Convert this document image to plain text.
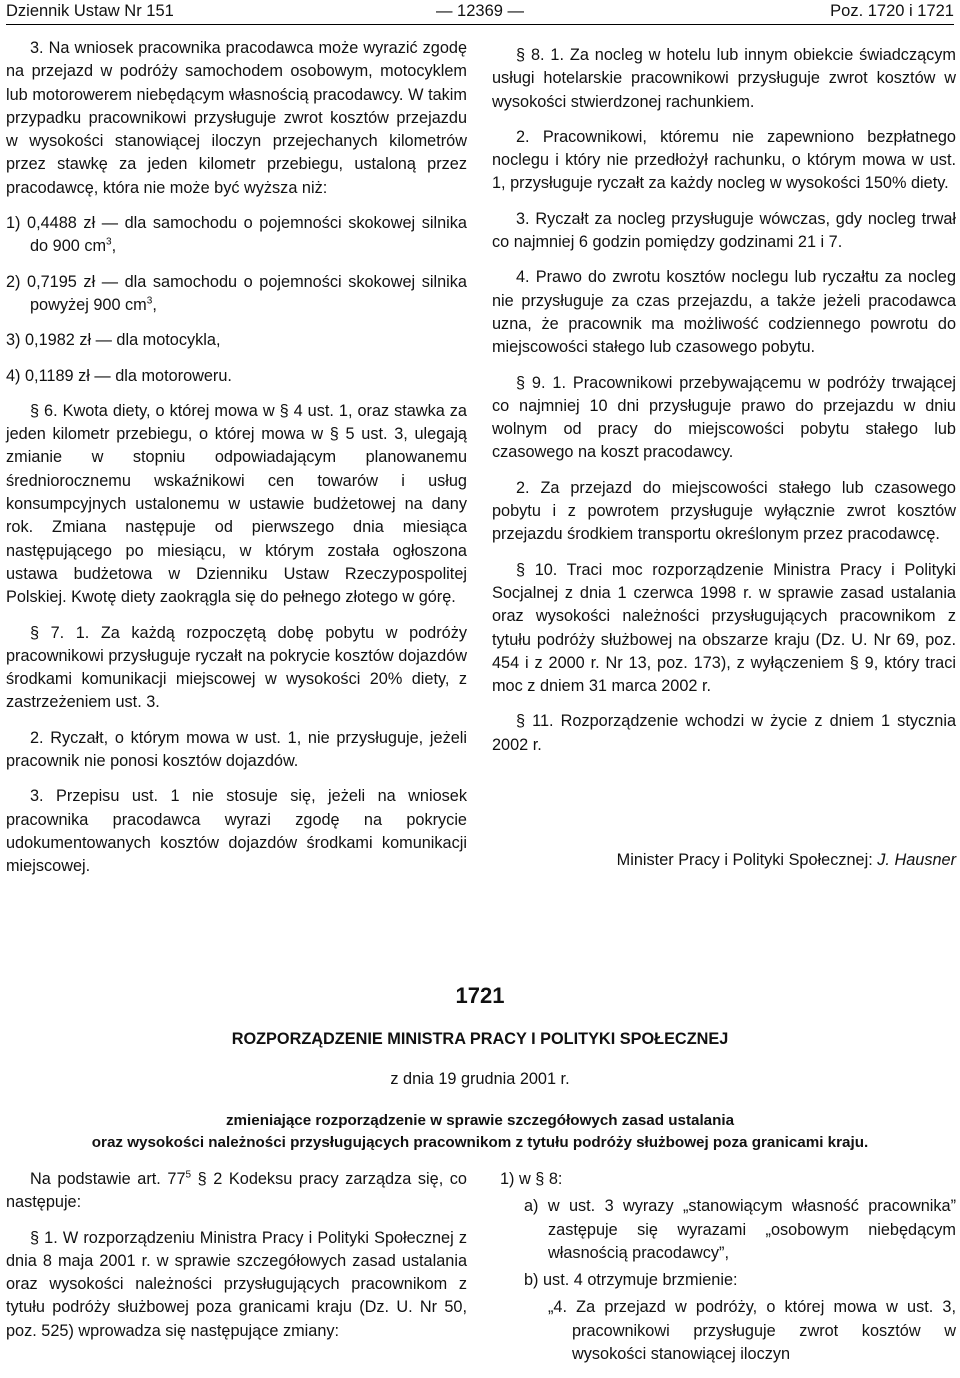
Dziennik Ustaw Nr 151	— 12369 —	Poz. 1720 i 1721

3. Na wniosek pracownika pracodawca może wyrazić zgodę na przejazd w podróży samochodem osobowym, motocyklem lub motorowerem niebędącym własnością pracodawcy. W takim przypadku pracownikowi przysługuje zwrot kosztów przejazdu w wysokości stanowiącej iloczyn przejechanych kilometrów przez stawkę za jeden kilometr przebiegu, ustaloną przez pracodawcę, która nie może być wyższa niż:

1) 0,4488 zł — dla samochodu o pojemności skokowej silnika do 900 $cm^3$,

2) 0,7195 zł — dla samochodu o pojemności skokowej silnika powyżej 900 $cm^3$,

3) 0,1982 zł — dla motocykla,

4) 0,1189 zł — dla motoroweru.

§ 6. Kwota diety, o której mowa w § 4 ust. 1, oraz stawka za jeden kilometr przebiegu, o której mowa w § 5 ust. 3, ulegają zmianie w stopniu odpowiadającym planowanemu średniorocznemu wskaźnikowi cen towarów i usług konsumpcyjnych ustalonemu w ustawie budżetowej na dany rok. Zmiana następuje od pierwszego dnia miesiąca następującego po miesiącu, w którym została ogłoszona ustawa budżetowa w Dzienniku Ustaw Rzeczypospolitej Polskiej. Kwotę diety zaokrągla się do pełnego złotego w górę.

§ 7. 1. Za każdą rozpoczętą dobę pobytu w podróży pracownikowi przysługuje ryczałt na pokrycie kosztów dojazdów środkami komunikacji miejscowej w wysokości 20% diety, z zastrzeżeniem ust. 3.

2. Ryczałt, o którym mowa w ust. 1, nie przysługuje, jeżeli pracownik nie ponosi kosztów dojazdów.

3. Przepisu ust. 1 nie stosuje się, jeżeli na wniosek pracownika pracodawca wyrazi zgodę na pokrycie udokumentowanych kosztów dojazdów środkami komunikacji miejscowej.

§ 8. 1. Za nocleg w hotelu lub innym obiekcie świadczącym usługi hotelarskie pracownikowi przysługuje zwrot kosztów w wysokości stwierdzonej rachunkiem.

2. Pracownikowi, któremu nie zapewniono bezpłatnego noclegu i który nie przedłożył rachunku, o którym mowa w ust. 1, przysługuje ryczałt za każdy nocleg w wysokości 150% diety.

3. Ryczałt za nocleg przysługuje wówczas, gdy nocleg trwał co najmniej 6 godzin pomiędzy godzinami 21 i 7.

4. Prawo do zwrotu kosztów noclegu lub ryczałtu za nocleg nie przysługuje za czas przejazdu, a także jeżeli pracodawca uzna, że pracownik ma możliwość codziennego powrotu do miejscowości stałego lub czasowego pobytu.

§ 9. 1. Pracownikowi przebywającemu w podróży trwającej co najmniej 10 dni przysługuje prawo do przejazdu w dniu wolnym od pracy do miejscowości pobytu stałego lub czasowego na koszt pracodawcy.

2. Za przejazd do miejscowości stałego lub czasowego pobytu i z powrotem przysługuje wyłącznie zwrot kosztów przejazdu środkiem transportu określonym przez pracodawcę.

§ 10. Traci moc rozporządzenie Ministra Pracy i Polityki Socjalnej z dnia 1 czerwca 1998 r. w sprawie zasad ustalania oraz wysokości należności przysługujących pracownikom z tytułu podróży służbowej na obszarze kraju (Dz. U. Nr 69, poz. 454 i z 2000 r. Nr 13, poz. 173), z wyłączeniem § 9, który traci moc z dniem 31 marca 2002 r.

§ 11. Rozporządzenie wchodzi w życie z dniem 1 stycznia 2002 r.

Minister Pracy i Polityki Społecznej: J. Hausner
1721
ROZPORZĄDZENIE MINISTRA PRACY I POLITYKI SPOŁECZNEJ
z dnia 19 grudnia 2001 r.
zmieniające rozporządzenie w sprawie szczegółowych zasad ustalania
oraz wysokości należności przysługujących pracownikom z tytułu podróży służbowej poza granicami kraju.

Na podstawie art. $77^5$ § 2 Kodeksu pracy zarządza się, co następuje:

§ 1. W rozporządzeniu Ministra Pracy i Polityki Społecznej z dnia 8 maja 2001 r. w sprawie szczegółowych zasad ustalania oraz wysokości należności przysługujących pracownikom z tytułu podróży służbowej poza granicami kraju (Dz. U. Nr 50, poz. 525) wprowadza się następujące zmiany:

1) w § 8:

a) w ust. 3 wyrazy „stanowiącym własność pracownika” zastępuje się wyrazami „osobowym niebędącym własnością pracodawcy”,

b) ust. 4 otrzymuje brzmienie:

„4. Za przejazd w podróży, o której mowa w ust. 3, pracownikowi przysługuje zwrot kosztów w wysokości stanowiącej iloczyn
